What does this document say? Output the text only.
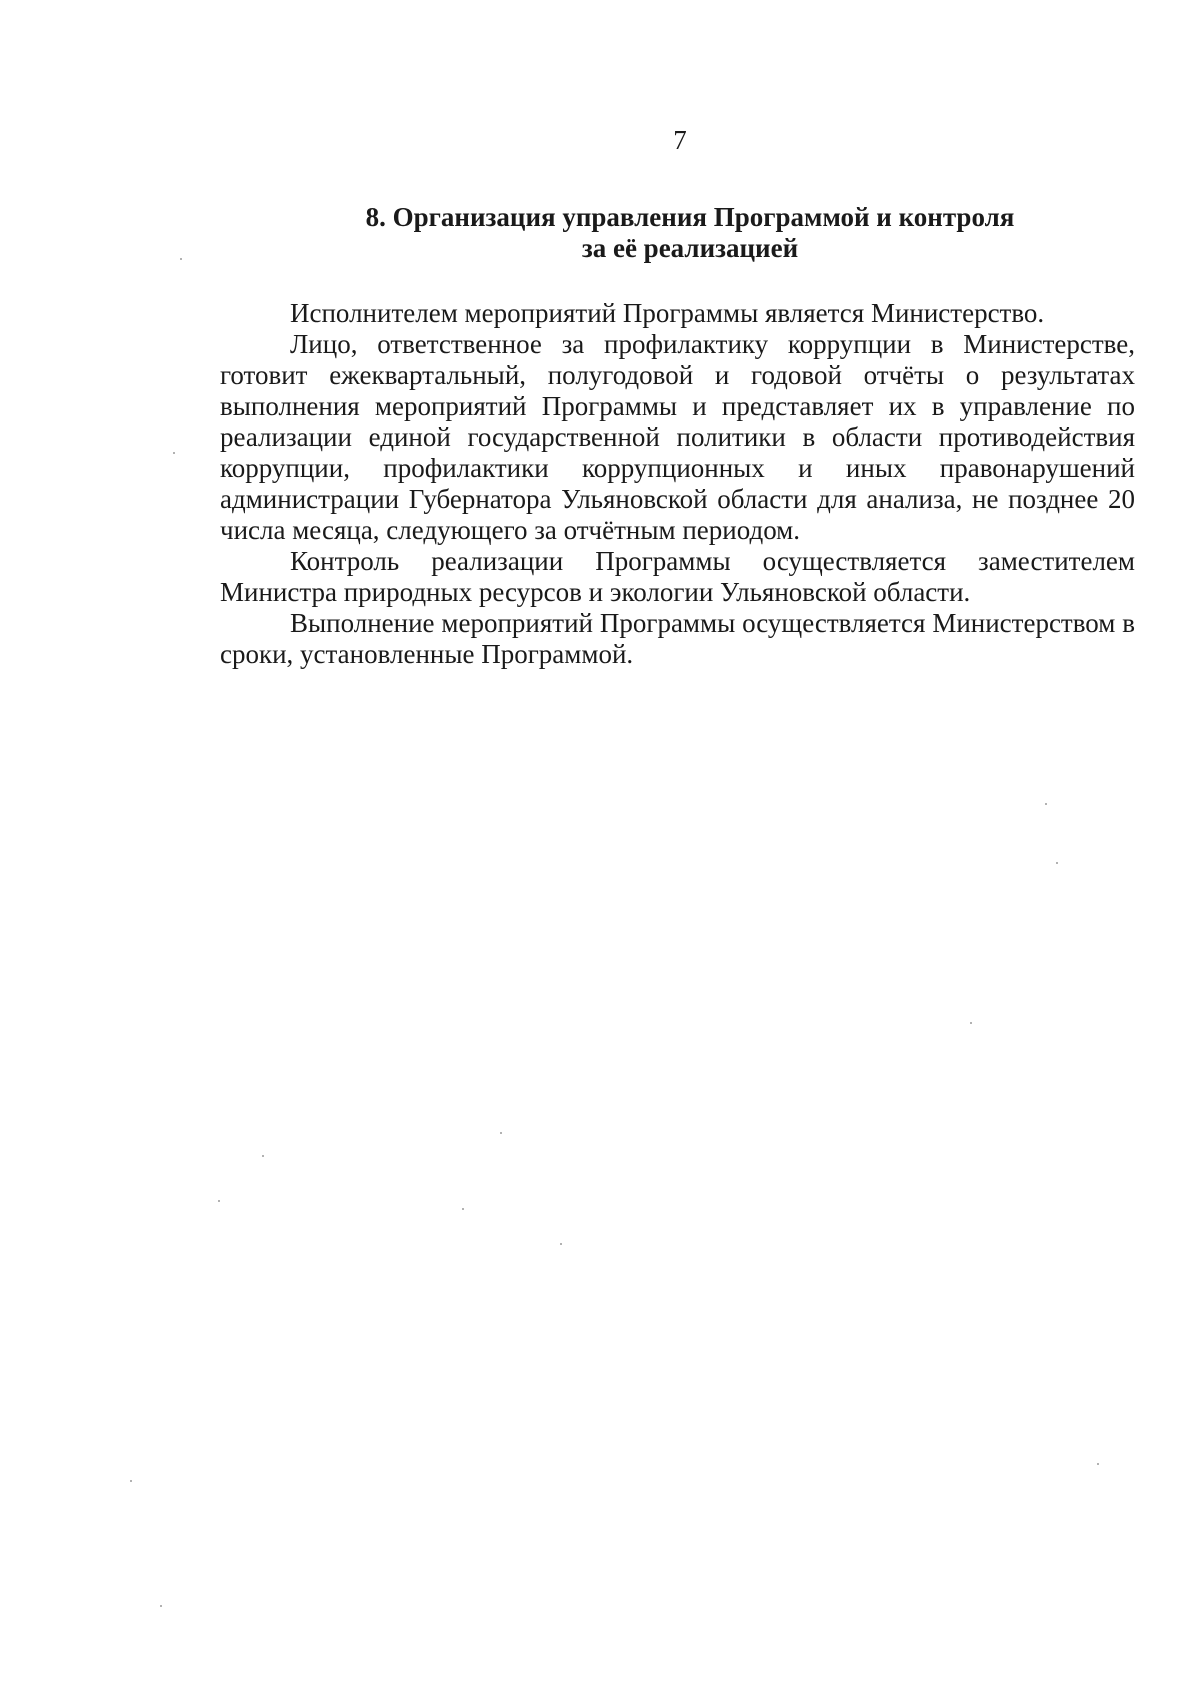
7
8. Организация управления Программой и контроля
за её реализацией

Исполнителем мероприятий Программы является Министерство.

Лицо, ответственное за профилактику коррупции в Министерстве, готовит ежеквартальный, полугодовой и годовой отчёты о результатах выполнения мероприятий Программы и представляет их в управление по реализации единой государственной политики в области противодействия коррупции, профилактики коррупционных и иных правонарушений администрации Губернатора Ульяновской области для анализа, не позднее 20 числа месяца, следующего за отчётным периодом.

Контроль реализации Программы осуществляется заместителем Министра природных ресурсов и экологии Ульяновской области.

Выполнение мероприятий Программы осуществляется Министерством в сроки, установленные Программой.
